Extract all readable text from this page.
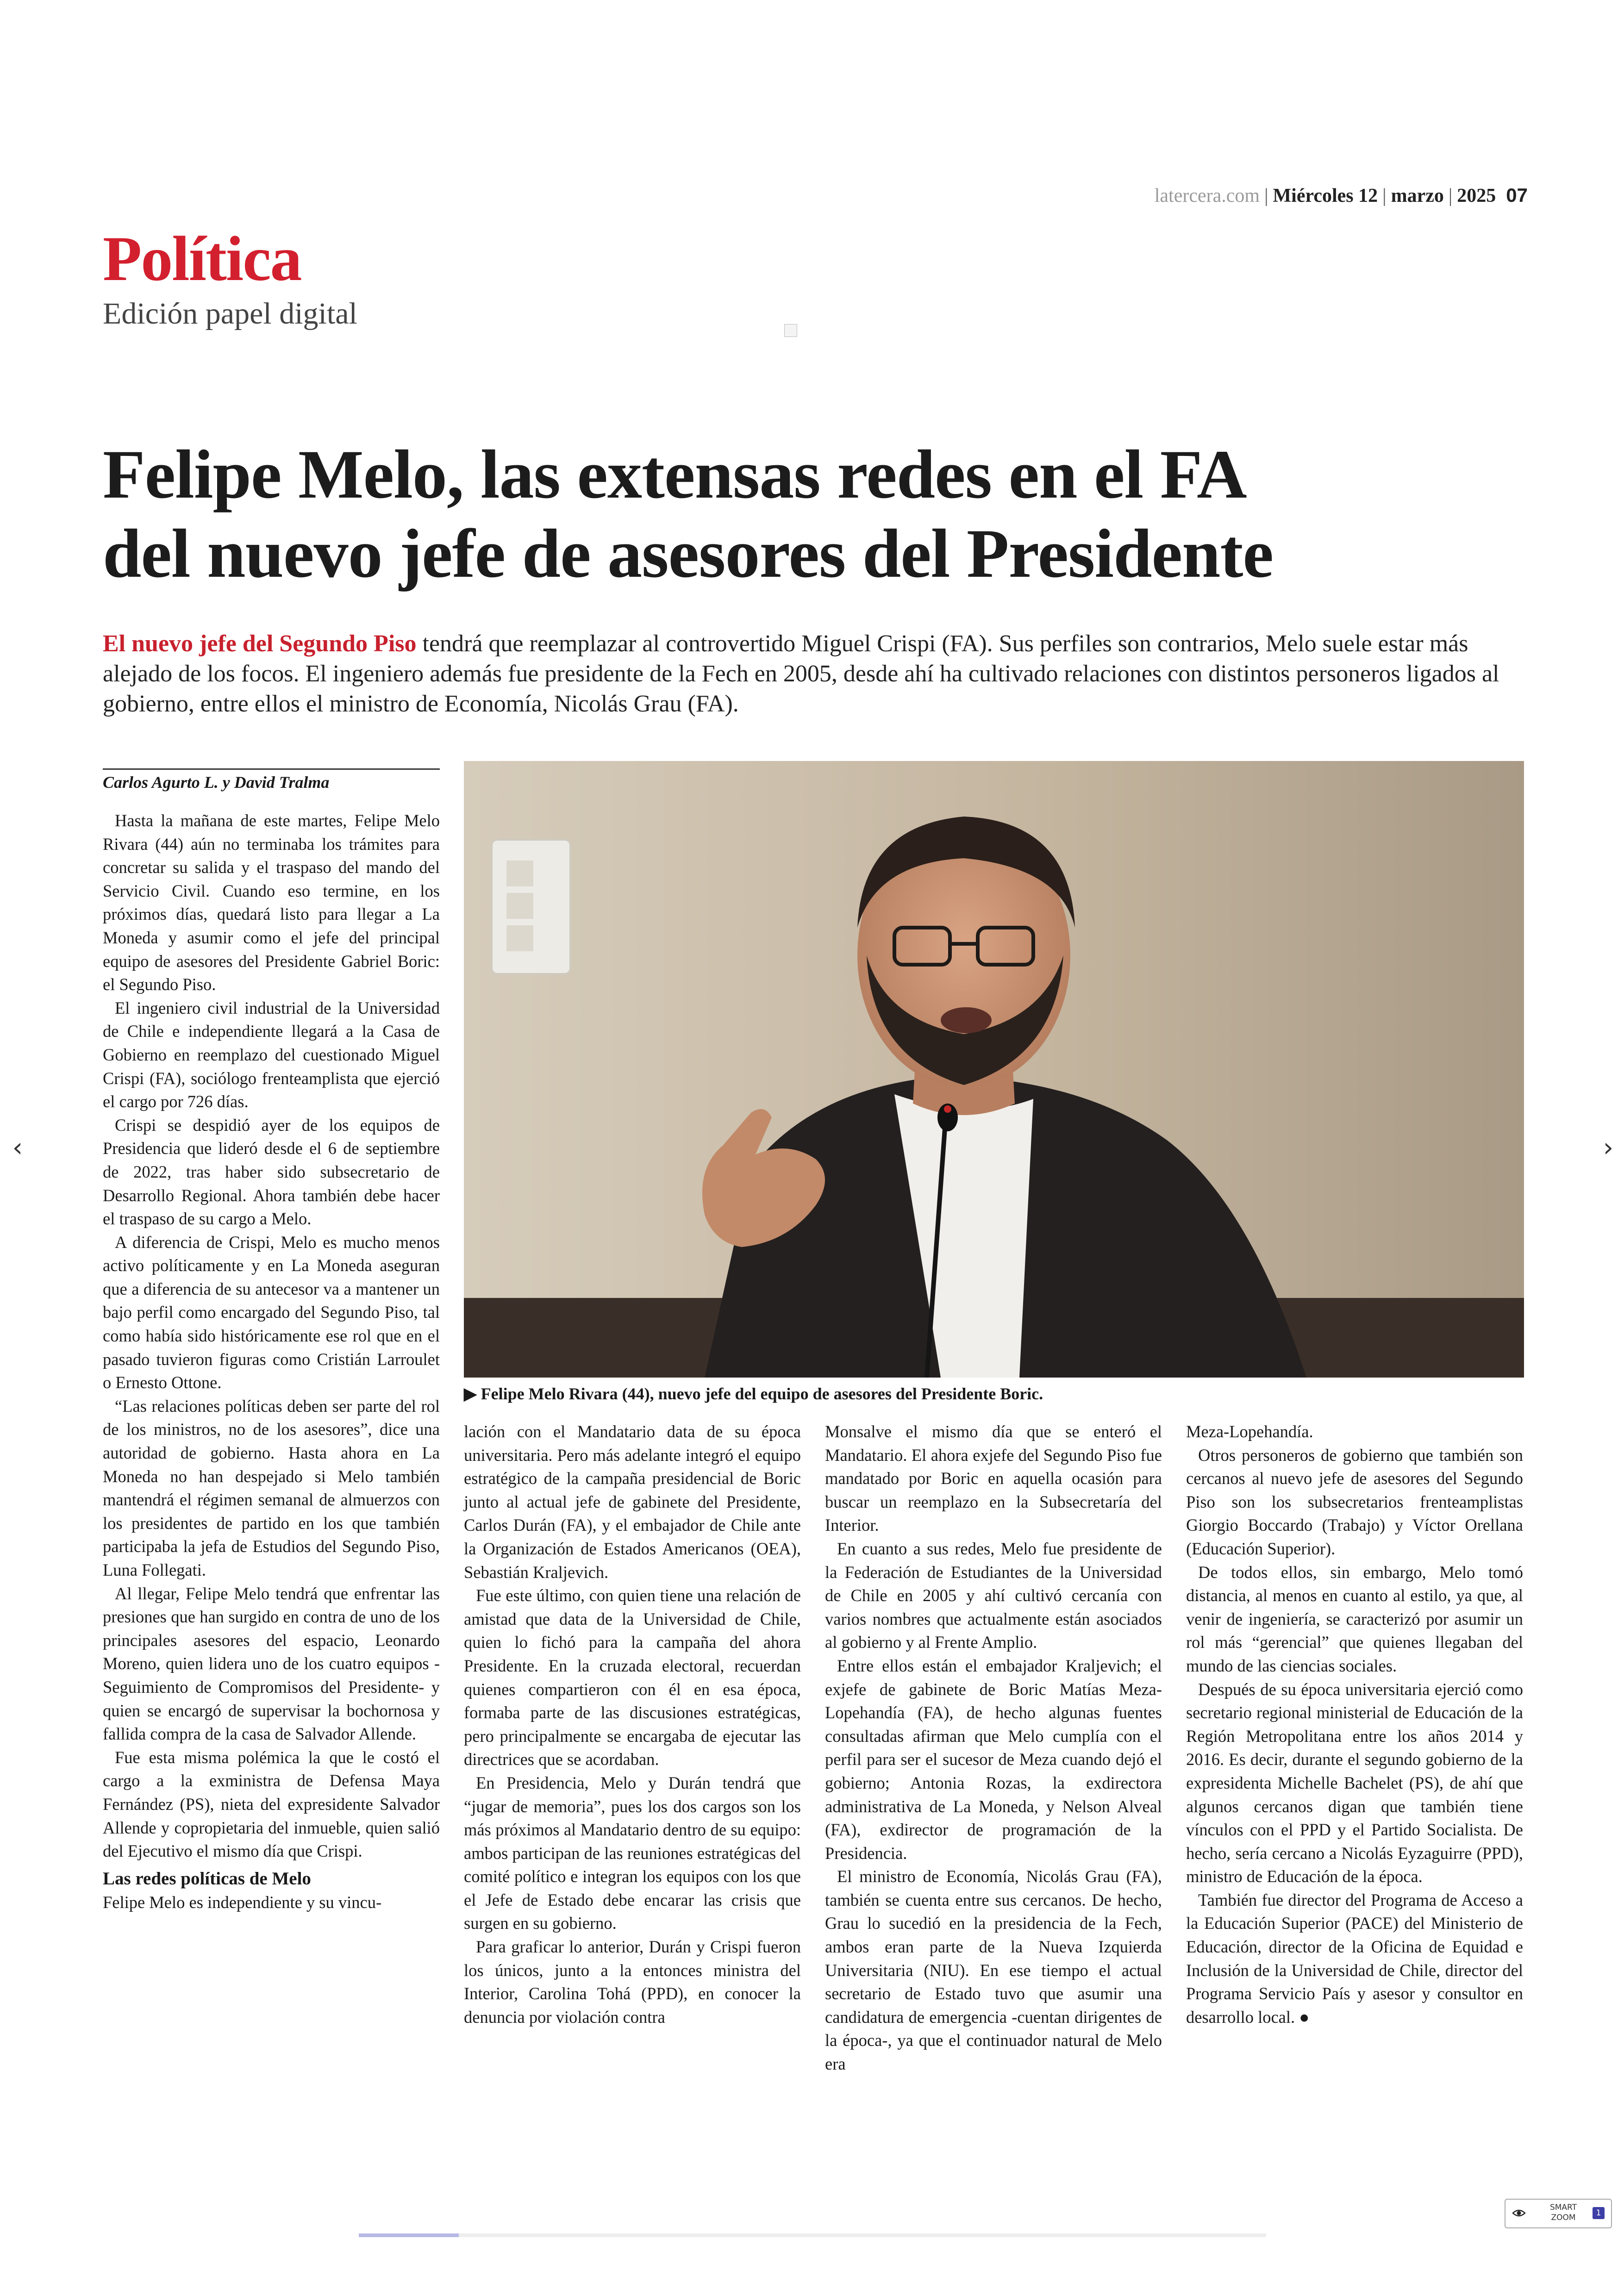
latercera.com | Miércoles 12 | marzo | 2025 07
Política
Edición papel digital
Felipe Melo, las extensas redes en el FA
del nuevo jefe de asesores del Presidente
El nuevo jefe del Segundo Piso tendrá que reemplazar al controvertido Miguel Crispi (FA). Sus perfiles son contrarios, Melo suele estar más alejado de los focos. El ingeniero además fue presidente de la Fech en 2005, desde ahí ha cultivado relaciones con distintos personeros ligados al gobierno, entre ellos el ministro de Economía, Nicolás Grau (FA).
Carlos Agurto L. y David Tralma

Hasta la mañana de este martes, Felipe Melo Rivara (44) aún no terminaba los trámites para concretar su salida y el traspaso del mando del Servicio Civil. Cuando eso termine, en los próximos días, quedará listo para llegar a La Moneda y asumir como el jefe del principal equipo de asesores del Presidente Gabriel Boric: el Segundo Piso.

El ingeniero civil industrial de la Universidad de Chile e independiente llegará a la Casa de Gobierno en reemplazo del cuestionado Miguel Crispi (FA), sociólogo frenteamplista que ejerció el cargo por 726 días.

Crispi se despidió ayer de los equipos de Presidencia que lideró desde el 6 de septiembre de 2022, tras haber sido subsecretario de Desarrollo Regional. Ahora también debe hacer el traspaso de su cargo a Melo.

A diferencia de Crispi, Melo es mucho menos activo políticamente y en La Moneda aseguran que a diferencia de su antecesor va a mantener un bajo perfil como encargado del Segundo Piso, tal como había sido históricamente ese rol que en el pasado tuvieron figuras como Cristián Larroulet o Ernesto Ottone.

“Las relaciones políticas deben ser parte del rol de los ministros, no de los asesores”, dice una autoridad de gobierno. Hasta ahora en La Moneda no han despejado si Melo también mantendrá el régimen semanal de almuerzos con los presidentes de partido en los que también participaba la jefa de Estudios del Segundo Piso, Luna Follegati.

Al llegar, Felipe Melo tendrá que enfrentar las presiones que han surgido en contra de uno de los principales asesores del espacio, Leonardo Moreno, quien lidera uno de los cuatro equipos -Seguimiento de Compromisos del Presidente- y quien se encargó de supervisar la bochornosa y fallida compra de la casa de Salvador Allende.

Fue esta misma polémica la que le costó el cargo a la exministra de Defensa Maya Fernández (PS), nieta del expresidente Salvador Allende y copropietaria del inmueble, quien salió del Ejecutivo el mismo día que Crispi.

Las redes políticas de Melo

Felipe Melo es independiente y su vincu-

▶ Felipe Melo Rivara (44), nuevo jefe del equipo de asesores del Presidente Boric.

lación con el Mandatario data de su época universitaria. Pero más adelante integró el equipo estratégico de la campaña presidencial de Boric junto al actual jefe de gabinete del Presidente, Carlos Durán (FA), y el embajador de Chile ante la Organización de Estados Americanos (OEA), Sebastián Kraljevich.

Fue este último, con quien tiene una relación de amistad que data de la Universidad de Chile, quien lo fichó para la campaña del ahora Presidente. En la cruzada electoral, recuerdan quienes compartieron con él en esa época, formaba parte de las discusiones estratégicas, pero principalmente se encargaba de ejecutar las directrices que se acordaban.

En Presidencia, Melo y Durán tendrá que “jugar de memoria”, pues los dos cargos son los más próximos al Mandatario dentro de su equipo: ambos participan de las reuniones estratégicas del comité político e integran los equipos con los que el Jefe de Estado debe encarar las crisis que surgen en su gobierno.

Para graficar lo anterior, Durán y Crispi fueron los únicos, junto a la entonces ministra del Interior, Carolina Tohá (PPD), en conocer la denuncia por violación contra

Monsalve el mismo día que se enteró el Mandatario. El ahora exjefe del Segundo Piso fue mandatado por Boric en aquella ocasión para buscar un reemplazo en la Subsecretaría del Interior.

En cuanto a sus redes, Melo fue presidente de la Federación de Estudiantes de la Universidad de Chile en 2005 y ahí cultivó cercanía con varios nombres que actualmente están asociados al gobierno y al Frente Amplio.

Entre ellos están el embajador Kraljevich; el exjefe de gabinete de Boric Matías Meza-Lopehandía (FA), de hecho algunas fuentes consultadas afirman que Melo cumplía con el perfil para ser el sucesor de Meza cuando dejó el gobierno; Antonia Rozas, la exdirectora administrativa de La Moneda, y Nelson Alveal (FA), exdirector de programación de la Presidencia.

El ministro de Economía, Nicolás Grau (FA), también se cuenta entre sus cercanos. De hecho, Grau lo sucedió en la presidencia de la Fech, ambos eran parte de la Nueva Izquierda Universitaria (NIU). En ese tiempo el actual secretario de Estado tuvo que asumir una candidatura de emergencia -cuentan dirigentes de la época-, ya que el continuador natural de Melo era

Meza-Lopehandía.

Otros personeros de gobierno que también son cercanos al nuevo jefe de asesores del Segundo Piso son los subsecretarios frenteamplistas Giorgio Boccardo (Trabajo) y Víctor Orellana (Educación Superior).

De todos ellos, sin embargo, Melo tomó distancia, al menos en cuanto al estilo, ya que, al venir de ingeniería, se caracterizó por asumir un rol más “gerencial” que quienes llegaban del mundo de las ciencias sociales.

Después de su época universitaria ejerció como secretario regional ministerial de Educación de la Región Metropolitana entre los años 2014 y 2016. Es decir, durante el segundo gobierno de la expresidenta Michelle Bachelet (PS), de ahí que algunos cercanos digan que también tiene vínculos con el PPD y el Partido Socialista. De hecho, sería cercano a Nicolás Eyzaguirre (PPD), ministro de Educación de la época.

También fue director del Programa de Acceso a la Educación Superior (PACE) del Ministerio de Educación, director de la Oficina de Equidad e Inclusión de la Universidad de Chile, director del Programa Servicio País y asesor y consultor en desarrollo local. ●

‹	›
SMART
ZOOM	1
